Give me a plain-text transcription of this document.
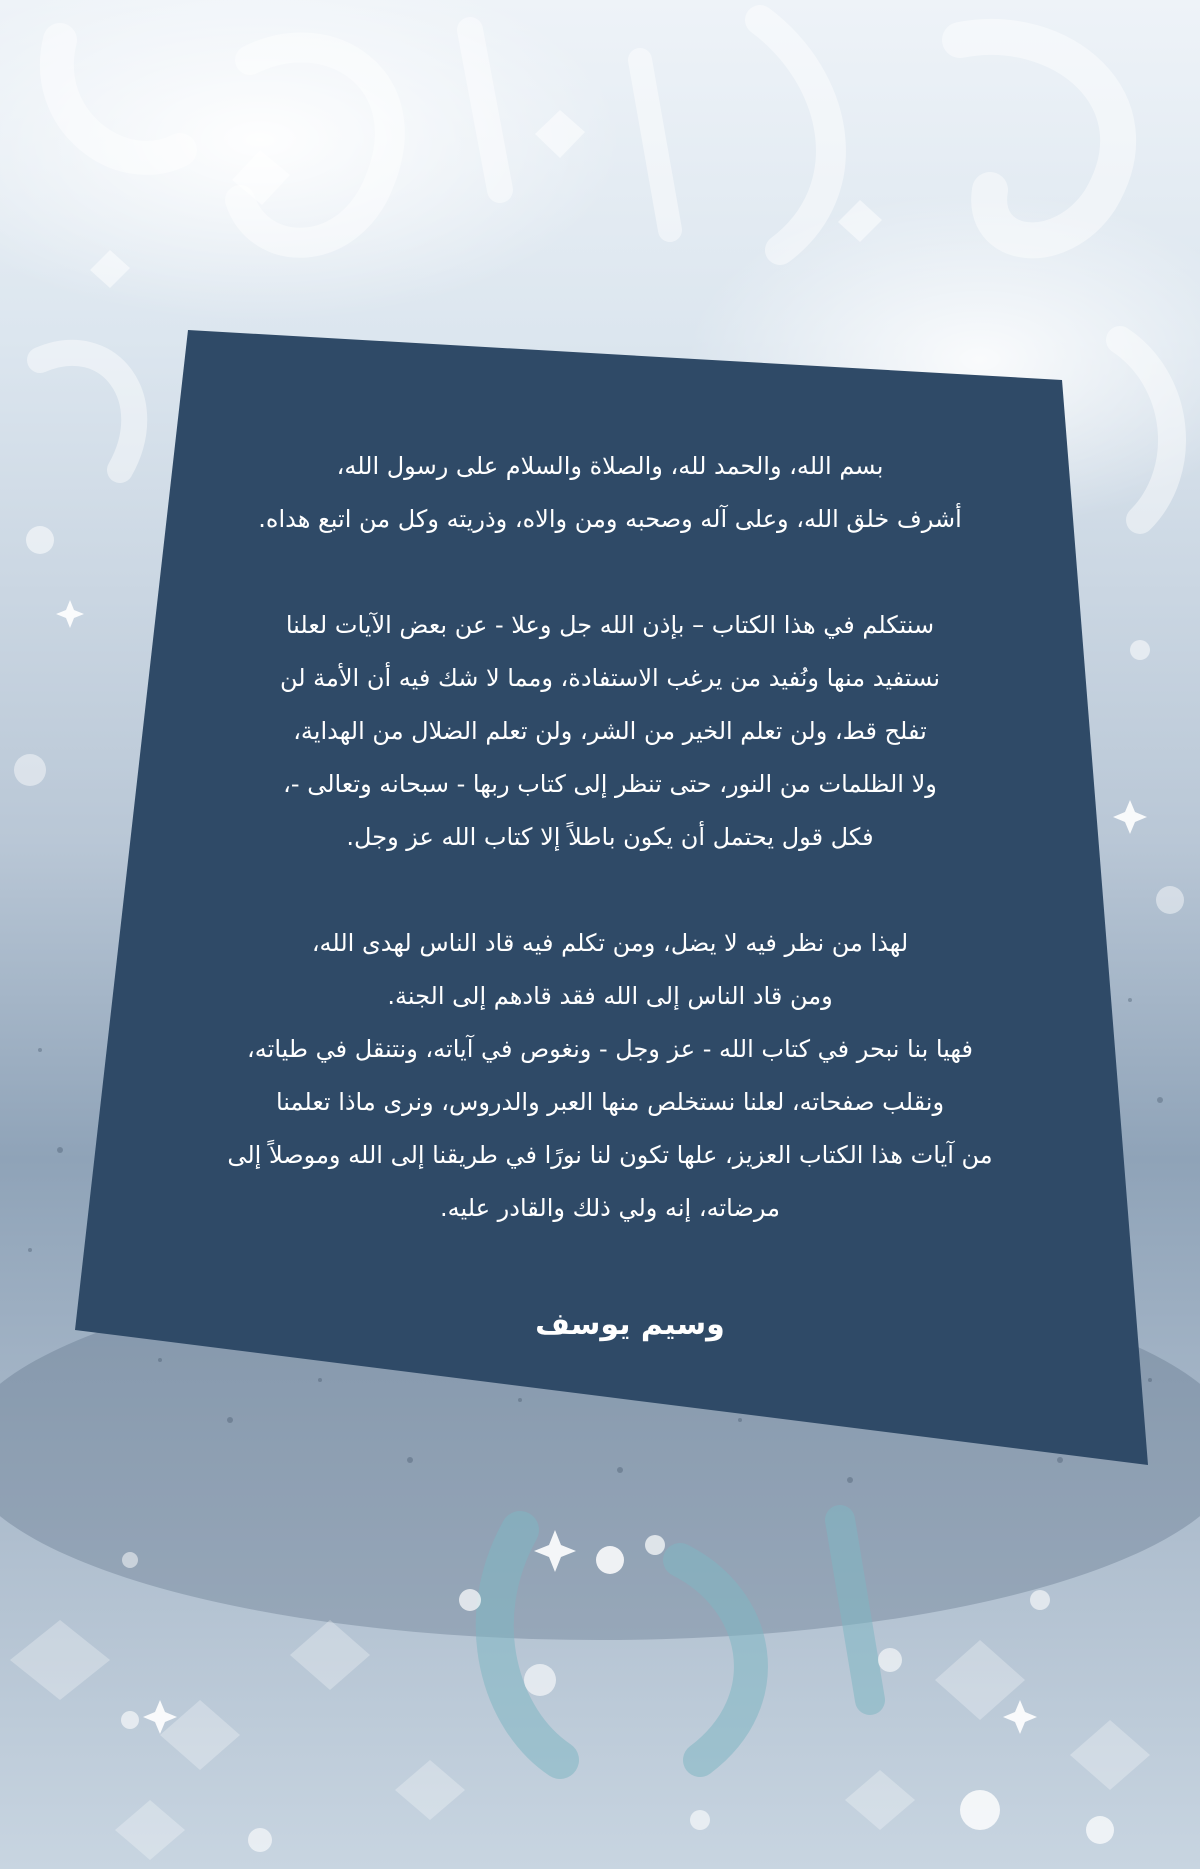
بسم الله، والحمد لله، والصلاة والسلام على رسول الله،
أشرف خلق الله، وعلى آله وصحبه ومن والاه، وذريته وكل من اتبع هداه.

سنتكلم في هذا الكتاب – بإذن الله جل وعلا - عن بعض الآيات لعلنا
نستفيد منها ونُفيد من يرغب الاستفادة، ومما لا شك فيه أن الأمة لن
تفلح قط، ولن تعلم الخير من الشر، ولن تعلم الضلال من الهداية،
ولا الظلمات من النور، حتى تنظر إلى كتاب ربها - سبحانه وتعالى -،
فكل قول يحتمل أن يكون باطلاً إلا كتاب الله عز وجل.

لهذا من نظر فيه لا يضل، ومن تكلم فيه قاد الناس لهدى الله،
ومن قاد الناس إلى الله فقد قادهم إلى الجنة.
فهيا بنا نبحر في كتاب الله - عز وجل - ونغوص في آياته، ونتنقل في طياته،
ونقلب صفحاته، لعلنا نستخلص منها العبر والدروس، ونرى ماذا تعلمنا
من آيات هذا الكتاب العزيز، علها تكون لنا نورًا في طريقنا إلى الله وموصلاً إلى
مرضاته، إنه ولي ذلك والقادر عليه.

وسيم يوسف
